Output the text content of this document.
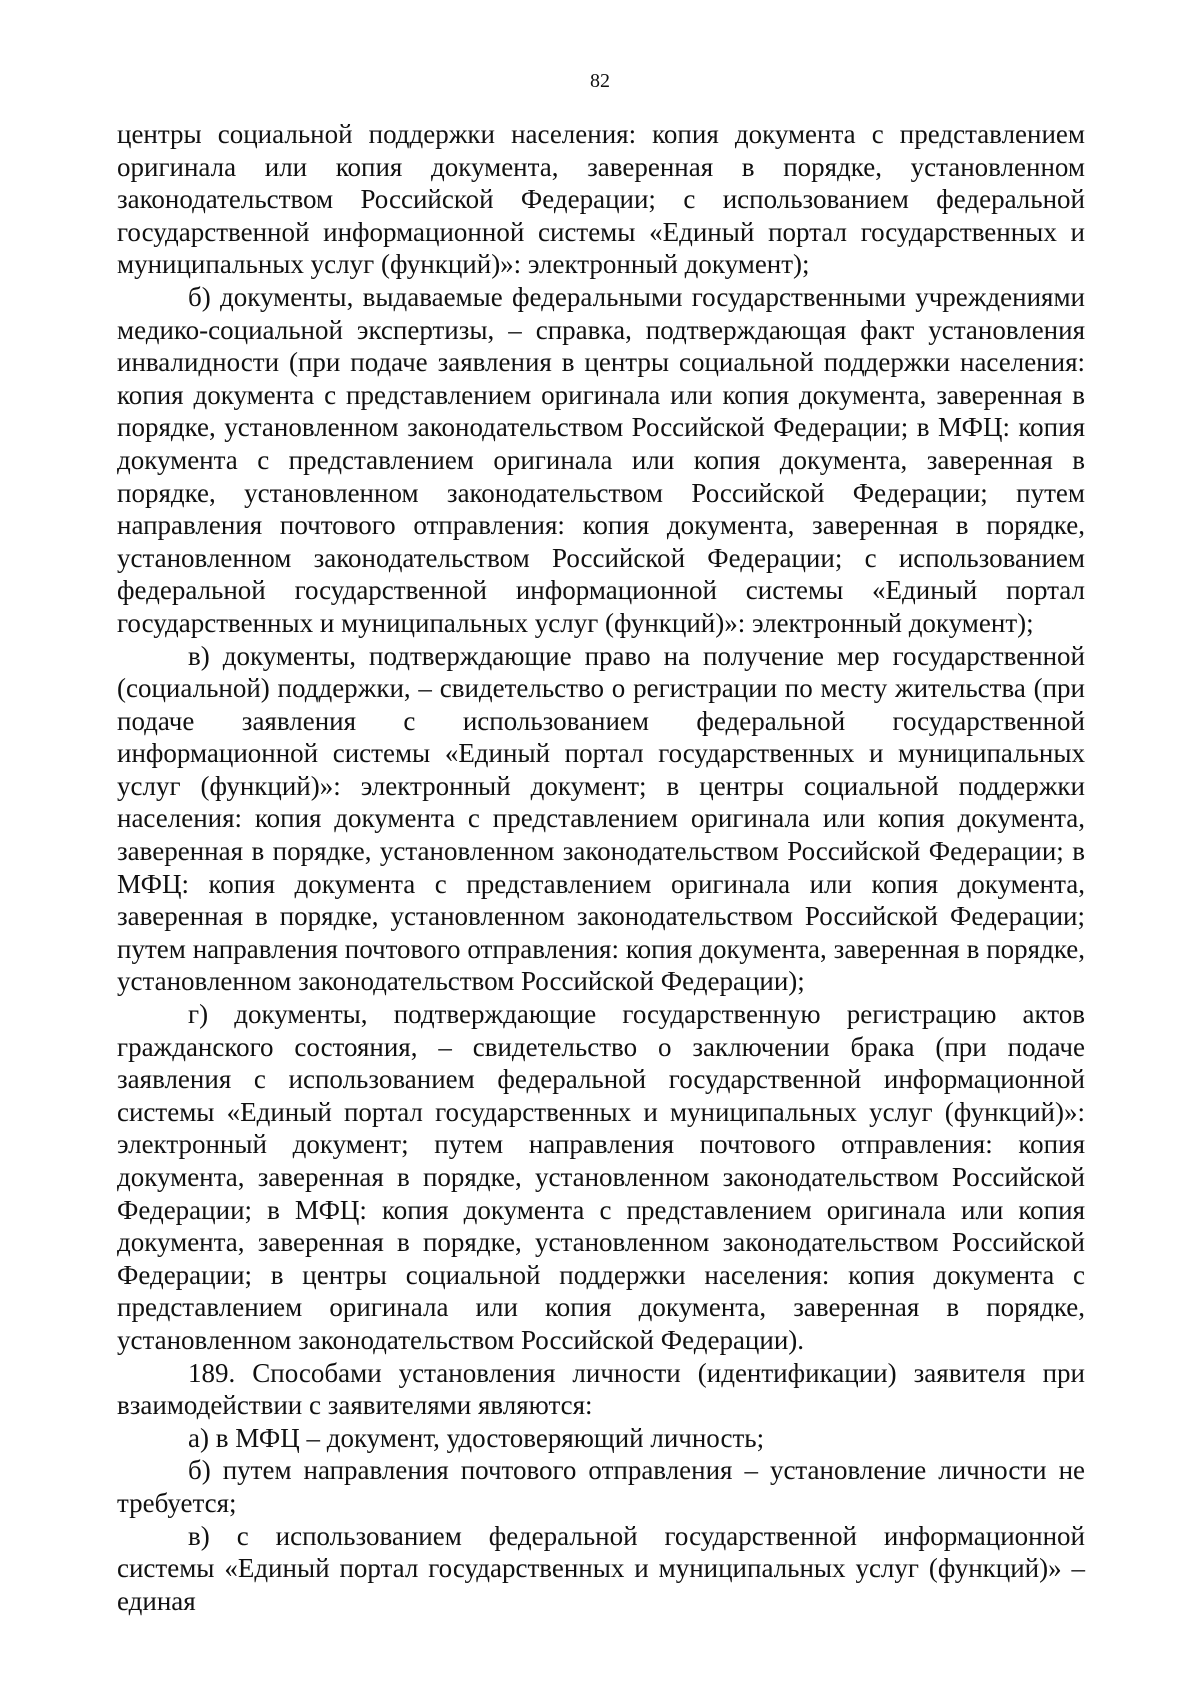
82

центры социальной поддержки населения: копия документа с представлением оригинала или копия документа, заверенная в порядке, установленном законодательством Российской Федерации; с использованием федеральной государственной информационной системы «Единый портал государственных и муниципальных услуг (функций)»: электронный документ);

б) документы, выдаваемые федеральными государственными учреждениями медико-социальной экспертизы, – справка, подтверждающая факт установления инвалидности (при подаче заявления в центры социальной поддержки населения: копия документа с представлением оригинала или копия документа, заверенная в порядке, установленном законодательством Российской Федерации; в МФЦ: копия документа с представлением оригинала или копия документа, заверенная в порядке, установленном законодательством Российской Федерации; путем направления почтового отправления: копия документа, заверенная в порядке, установленном законодательством Российской Федерации; с использованием федеральной государственной информационной системы «Единый портал государственных и муниципальных услуг (функций)»: электронный документ);

в) документы, подтверждающие право на получение мер государственной (социальной) поддержки, – свидетельство о регистрации по месту жительства (при подаче заявления с использованием федеральной государственной информационной системы «Единый портал государственных и муниципальных услуг (функций)»: электронный документ; в центры социальной поддержки населения: копия документа с представлением оригинала или копия документа, заверенная в порядке, установленном законодательством Российской Федерации; в МФЦ: копия документа с представлением оригинала или копия документа, заверенная в порядке, установленном законодательством Российской Федерации; путем направления почтового отправления: копия документа, заверенная в порядке, установленном законодательством Российской Федерации);

г) документы, подтверждающие государственную регистрацию актов гражданского состояния, – свидетельство о заключении брака (при подаче заявления с использованием федеральной государственной информационной системы «Единый портал государственных и муниципальных услуг (функций)»: электронный документ; путем направления почтового отправления: копия документа, заверенная в порядке, установленном законодательством Российской Федерации; в МФЦ: копия документа с представлением оригинала или копия документа, заверенная в порядке, установленном законодательством Российской Федерации; в центры социальной поддержки населения: копия документа с представлением оригинала или копия документа, заверенная в порядке, установленном законодательством Российской Федерации).

189. Способами установления личности (идентификации) заявителя при взаимодействии с заявителями являются:

а) в МФЦ – документ, удостоверяющий личность;

б) путем направления почтового отправления – установление личности не требуется;

в) с использованием федеральной государственной информационной системы «Единый портал государственных и муниципальных услуг (функций)» – единая
